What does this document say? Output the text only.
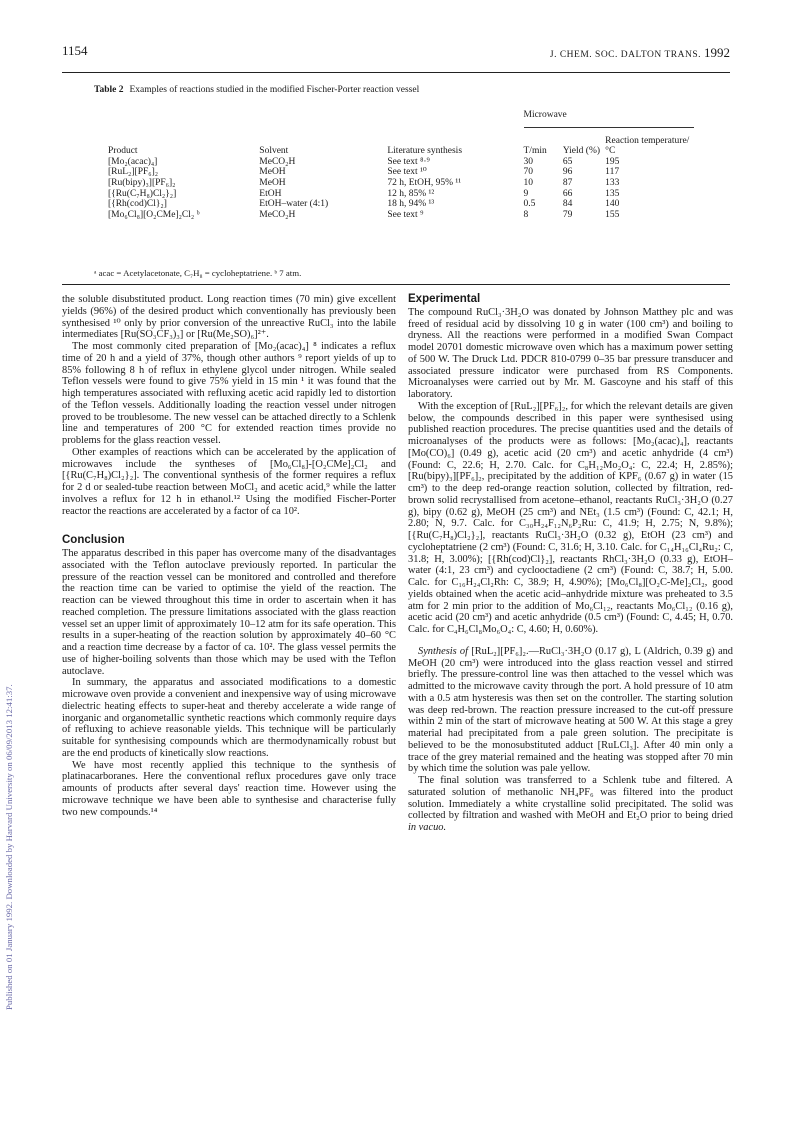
1154	J. CHEM. SOC. DALTON TRANS. 1992
Published on 01 January 1992. Downloaded by Harvard University on 06/09/2013 12:41:37.
Table 2 Examples of reactions studied in the modified Fischer-Porter reaction vessel

			Microwave		

Product	Solvent	Literature synthesis	T/min	Yield (%)	Reaction temperature/°C
[Mo₂(acac)₄]	MeCO₂H	See text ⁸·⁹	30	65	195
[RuL₂][PF₆]₂	MeOH	See text ¹⁰	70	96	117
[Ru(bipy)₃][PF₆]₂	MeOH	72 h, EtOH, 95% ¹¹	10	87	133
[{Ru(C₇H₈)Cl₂}₂]	EtOH	12 h, 85% ¹²	9	66	135
[{Rh(cod)Cl}₂]	EtOH–water (4:1)	18 h, 94% ¹³	0.5	84	140
[Mo₆Cl₈][O₂CMe]₂Cl₂ ᵇ	MeCO₂H	See text ⁹	8	79	155
ᵃ acac = Acetylacetonate, C₇H₈ = cycloheptatriene. ᵇ 7 atm.

the soluble disubstituted product. Long reaction times (70 min) give excellent yields (96%) of the desired product which conventionally has previously been synthesised ¹⁰ only by prior conversion of the unreactive RuCl₃ into the labile intermediates [Ru(SO₃CF₃)₃] or [Ru(Me₂SO)₆]²⁺.

The most commonly cited preparation of [Mo₂(acac)₄] ⁸ indicates a reflux time of 20 h and a yield of 37%, though other authors ⁹ report yields of up to 85% following 8 h of reflux in ethylene glycol under nitrogen. While sealed Teflon vessels were found to give 75% yield in 15 min ¹ it was found that the high temperatures associated with refluxing acetic acid rapidly led to distortion of the Teflon vessels. Additionally loading the reaction vessel under nitrogen proved to be troublesome. The new vessel can be attached directly to a Schlenk line and temperatures of 200 °C for extended reaction times provide no problems for the glass reaction vessel.

Other examples of reactions which can be accelerated by the application of microwaves include the syntheses of [Mo₆Cl₈]-[O₂CMe]₂Cl₂ and [{Ru(C₇H₈)Cl₂}₂]. The conventional synthesis of the former requires a reflux for 2 d or sealed-tube reaction between MoCl₂ and acetic acid,⁹ while the latter involves a reflux for 12 h in ethanol.¹² Using the modified Fischer-Porter reactor the reactions are accelerated by a factor of ca 10².

Conclusion

The apparatus described in this paper has overcome many of the disadvantages associated with the Teflon autoclave previously reported. In particular the pressure of the reaction vessel can be monitored and controlled and therefore the reaction time can be varied to optimise the yield of the reaction. The reaction can be viewed throughout this time in order to ascertain when it has reached completion. The pressure limitations associated with the glass reaction vessel set an upper limit of approximately 10–12 atm for its safe operation. This results in a super-heating of the reaction solution by approximately 40–60 °C and a reaction time decrease by a factor of ca. 10². The glass vessel permits the use of higher-boiling solvents than those which may be used with the Teflon autoclave.

In summary, the apparatus and associated modifications to a domestic microwave oven provide a convenient and inexpensive way of using microwave dielectric heating effects to super-heat and thereby accelerate a wide range of inorganic and organometallic synthetic reactions which commonly require days of refluxing to achieve reasonable yields. This technique will be particularly suitable for synthesising compounds which are thermodynamically robust but are the end products of kinetically slow reactions.

We have most recently applied this technique to the synthesis of platinacarboranes. Here the conventional reflux procedures gave only trace amounts of products after several days' reaction time. However using the microwave technique we have been able to synthesise and characterise fully two new compounds.¹⁴

Experimental

The compound RuCl₃·3H₂O was donated by Johnson Matthey plc and was freed of residual acid by dissolving 10 g in water (100 cm³) and boiling to dryness. All the reactions were performed in a modified Swan Compact model 20701 domestic microwave oven which has a maximum power setting of 500 W. The Druck Ltd. PDCR 810-0799 0–35 bar pressure transducer and associated pressure indicator were purchased from RS Components. Microanalyses were carried out by Mr. M. Gascoyne and his staff of this laboratory.

With the exception of [RuL₂][PF₆]₂, for which the relevant details are given below, the compounds described in this paper were synthesised using published reaction procedures. The precise quantities used and the details of microanalyses of the products were as follows: [Mo₂(acac)₄], reactants [Mo(CO)₆] (0.49 g), acetic acid (20 cm³) and acetic anhydride (4 cm³) (Found: C, 22.6; H, 2.70. Calc. for C₈H₁₂Mo₂O₄: C, 22.4; H, 2.85%); [Ru(bipy)₃][PF₆]₂, precipitated by the addition of KPF₆ (0.67 g) in water (15 cm³) to the deep red-orange reaction solution, collected by filtration, red-brown solid recrystallised from acetone–ethanol, reactants RuCl₃·3H₂O (0.27 g), bipy (0.62 g), MeOH (25 cm³) and NEt₃ (1.5 cm³) (Found: C, 42.1; H, 2.80; N, 9.7. Calc. for C₃₀H₂₄F₁₂N₆P₂Ru: C, 41.9; H, 2.75; N, 9.8%); [{Ru(C₇H₈)Cl₂}₂], reactants RuCl₃·3H₂O (0.32 g), EtOH (23 cm³) and cycloheptatriene (2 cm³) (Found: C, 31.6; H, 3.10. Calc. for C₁₄H₁₆Cl₄Ru₂: C, 31.8; H, 3.00%); [{Rh(cod)Cl}₂], reactants RhCl₃·3H₂O (0.33 g), EtOH–water (4:1, 23 cm³) and cyclooctadiene (2 cm³) (Found: C, 38.7; H, 5.00. Calc. for C₁₆H₂₄Cl₂Rh: C, 38.9; H, 4.90%); [Mo₆Cl₈][O₂C-Me]₂Cl₂, good yields obtained when the acetic acid–anhydride mixture was preheated to 3.5 atm for 2 min prior to the addition of Mo₆Cl₁₂, reactants Mo₆Cl₁₂ (0.16 g), acetic acid (20 cm³) and acetic anhydride (0.5 cm³) (Found: C, 4.45; H, 0.70. Calc. for C₄H₆Cl₈Mo₆O₄: C, 4.60; H, 0.60%).

Synthesis of [RuL₂][PF₆]₂.—RuCl₃·3H₂O (0.17 g), L (Aldrich, 0.39 g) and MeOH (20 cm³) were introduced into the glass reaction vessel and stirred briefly. The pressure-control line was then attached to the vessel which was admitted to the microwave cavity through the port. A hold pressure of 10 atm with a 0.5 atm hysteresis was then set on the controller. The starting solution was deep red-brown. The reaction pressure increased to the cut-off pressure within 2 min of the start of microwave heating at 500 W. At this stage a grey material had precipitated from a pale green solution. The precipitate is believed to be the monosubstituted adduct [RuLCl₃]. After 40 min only a trace of the grey material remained and the heating was stopped after 70 min by which time the solution was pale yellow.

The final solution was transferred to a Schlenk tube and filtered. A saturated solution of methanolic NH₄PF₆ was filtered into the product solution. Immediately a white crystalline solid precipitated. The solid was collected by filtration and washed with MeOH and Et₂O prior to being dried in vacuo.
